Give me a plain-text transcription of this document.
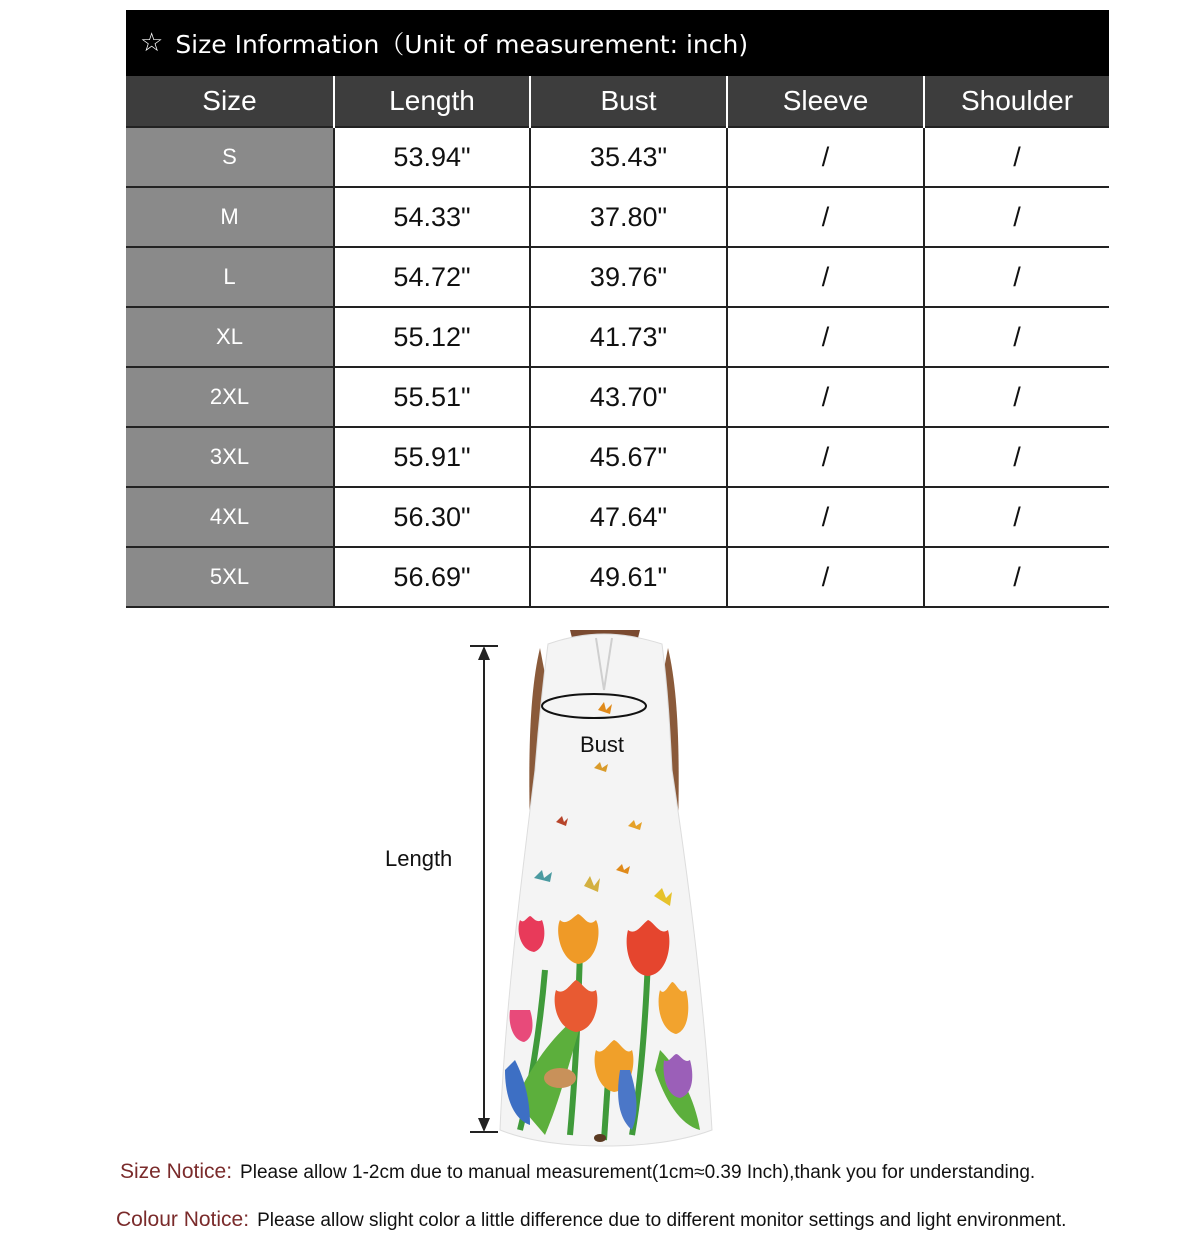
☆ Size Information（Unit of measurement: inch)
Size	Length	Bust	Sleeve	Shoulder
S	53.94"	35.43"	/	/
M	54.33"	37.80"	/	/
L	54.72"	39.76"	/	/
XL	55.12"	41.73"	/	/
2XL	55.51"	43.70"	/	/
3XL	55.91"	45.67"	/	/
4XL	56.30"	47.64"	/	/
5XL	56.69"	49.61"	/	/
Length
Bust
Size Notice: Please allow 1-2cm due to manual measurement(1cm≈0.39 Inch),thank you for understanding.
Colour Notice: Please allow slight color a little difference due to different monitor settings and light environment.
